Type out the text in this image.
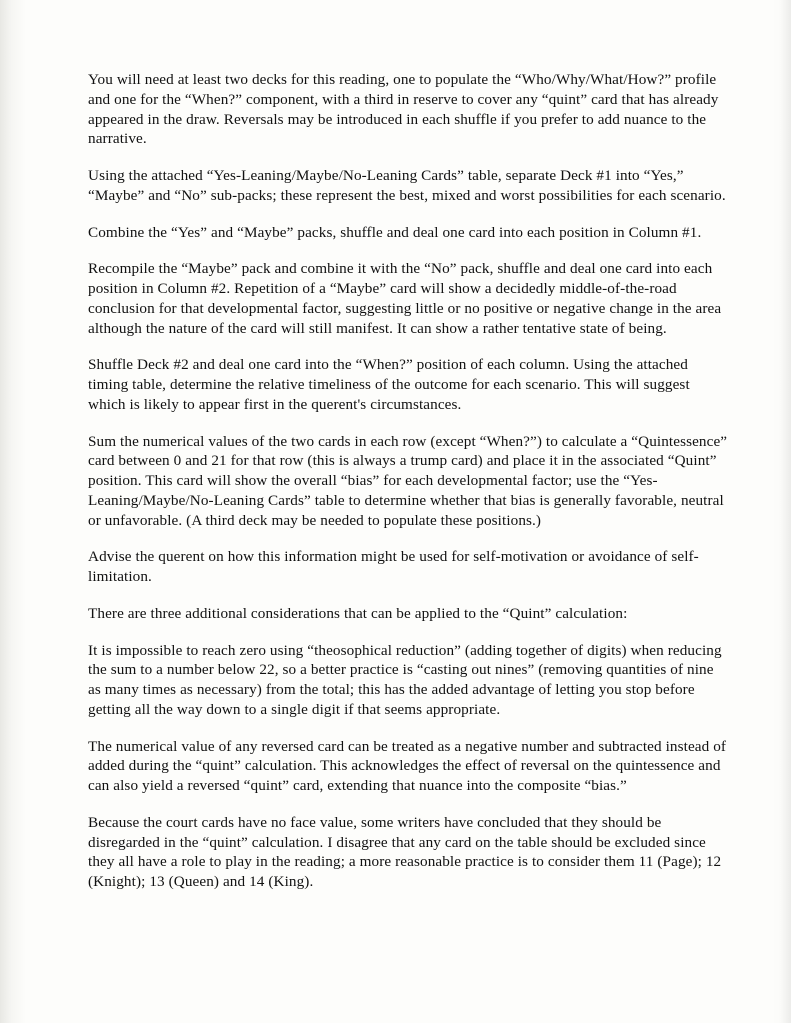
You will need at least two decks for this reading, one to populate the “Who/Why/What/How?” profile and one for the “When?” component, with a third in reserve to cover any “quint” card that has already appeared in the draw. Reversals may be introduced in each shuffle if you prefer to add nuance to the narrative.

Using the attached “Yes-Leaning/Maybe/No-Leaning Cards” table, separate Deck #1 into “Yes,” “Maybe” and “No” sub-packs; these represent the best, mixed and worst possibilities for each scenario.

Combine the “Yes” and “Maybe” packs, shuffle and deal one card into each position in Column #1.

Recompile the “Maybe” pack and combine it with the “No” pack, shuffle and deal one card into each position in Column #2. Repetition of a “Maybe” card will show a decidedly middle-of-the-road conclusion for that developmental factor, suggesting little or no positive or negative change in the area although the nature of the card will still manifest. It can show a rather tentative state of being.

Shuffle Deck #2 and deal one card into the “When?” position of each column. Using the attached timing table, determine the relative timeliness of the outcome for each scenario. This will suggest which is likely to appear first in the querent's circumstances.

Sum the numerical values of the two cards in each row (except “When?”) to calculate a “Quintessence” card between 0 and 21 for that row (this is always a trump card) and place it in the associated “Quint” position. This card will show the overall “bias” for each developmental factor; use the “Yes-Leaning/Maybe/No-Leaning Cards” table to determine whether that bias is generally favorable, neutral or unfavorable. (A third deck may be needed to populate these positions.)

Advise the querent on how this information might be used for self-motivation or avoidance of self-limitation.

There are three additional considerations that can be applied to the “Quint” calculation:

It is impossible to reach zero using “theosophical reduction” (adding together of digits) when reducing the sum to a number below 22, so a better practice is “casting out nines” (removing quantities of nine as many times as necessary) from the total; this has the added advantage of letting you stop before getting all the way down to a single digit if that seems appropriate.

The numerical value of any reversed card can be treated as a negative number and subtracted instead of added during the “quint” calculation. This acknowledges the effect of reversal on the quintessence and can also yield a reversed “quint” card, extending that nuance into the composite “bias.”

Because the court cards have no face value, some writers have concluded that they should be disregarded in the “quint” calculation. I disagree that any card on the table should be excluded since they all have a role to play in the reading; a more reasonable practice is to consider them 11 (Page); 12 (Knight); 13 (Queen) and 14 (King).
